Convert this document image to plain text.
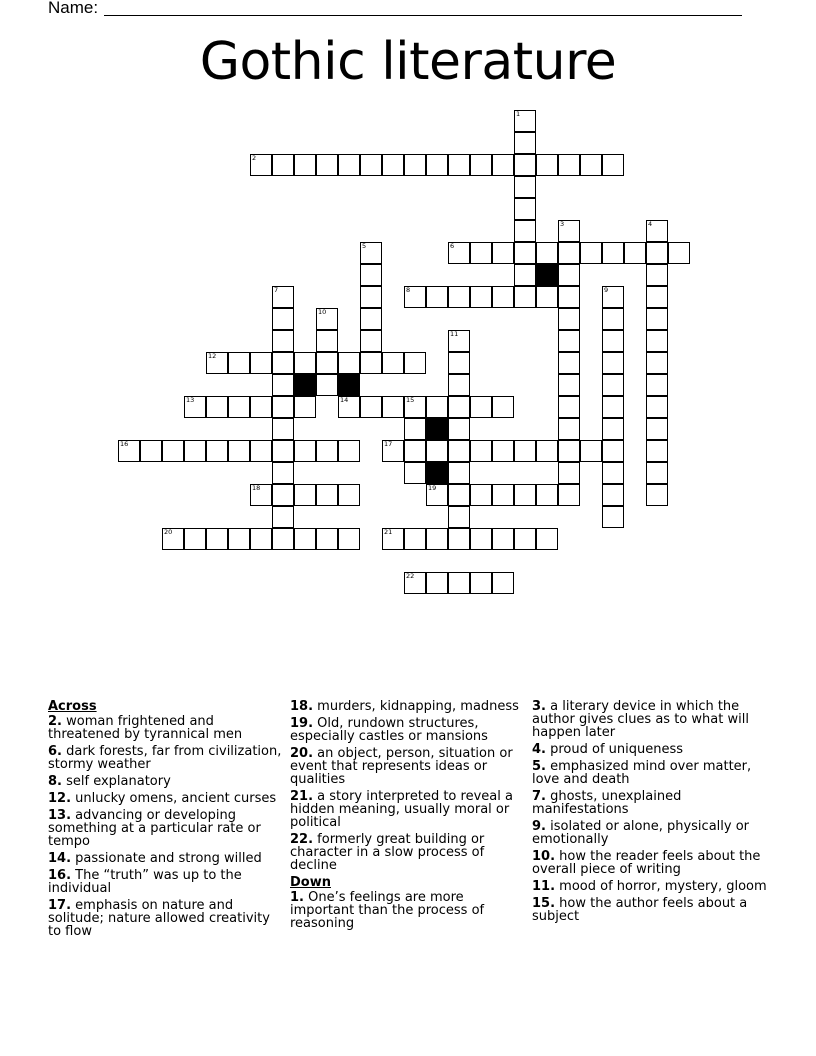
Name:
Gothic literature
1
2
3	4
5	6
7	8	9
10
11
12
13	14	15
16	17
18	19
20	21
22
Across
2. woman frightened and threatened by tyrannical men
6. dark forests, far from civilization, stormy weather
8. self explanatory
12. unlucky omens, ancient curses
13. advancing or developing something at a particular rate or tempo
14. passionate and strong willed
16. The “truth” was up to the individual
17. emphasis on nature and solitude; nature allowed creativity to flow
18. murders, kidnapping, madness
19. Old, rundown structures, especially castles or mansions
20. an object, person, situation or event that represents ideas or qualities
21. a story interpreted to reveal a hidden meaning, usually moral or political
22. formerly great building or character in a slow process of decline
Down
1. One’s feelings are more important than the process of reasoning
3. a literary device in which the author gives clues as to what will happen later
4. proud of uniqueness
5. emphasized mind over matter, love and death
7. ghosts, unexplained manifestations
9. isolated or alone, physically or emotionally
10. how the reader feels about the overall piece of writing
11. mood of horror, mystery, gloom
15. how the author feels about a subject
